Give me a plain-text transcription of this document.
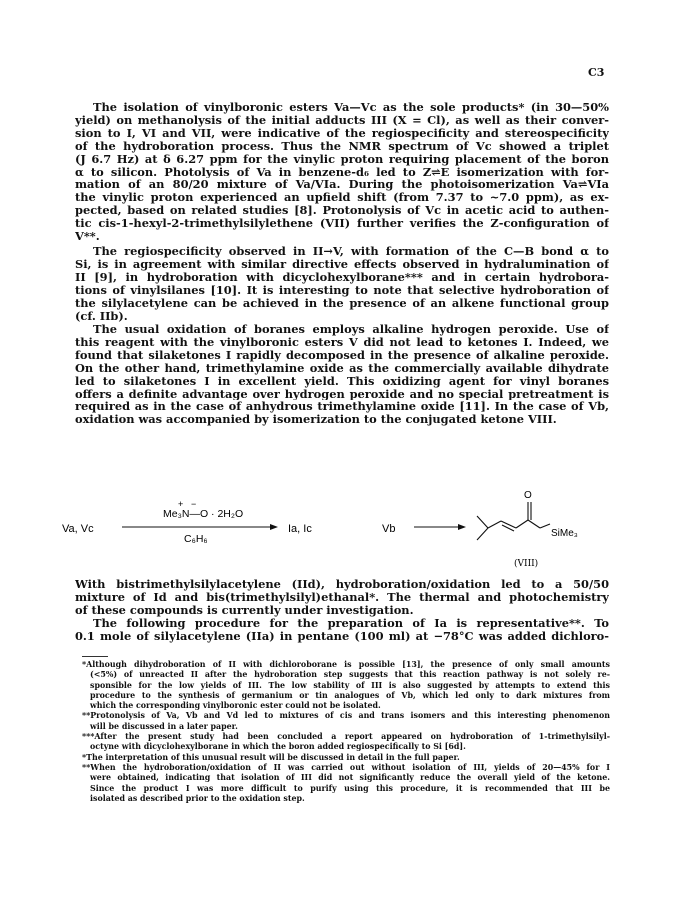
C3
The isolation of vinylboronic esters Va—Vc as the sole products* (in 30—50%
yield) on methanolysis of the initial adducts III (X = Cl), as well as their conver-
sion to I, VI and VII, were indicative of the regiospecificity and stereospecificity
of the hydroboration process. Thus the NMR spectrum of Vc showed a triplet
(J 6.7 Hz) at δ 6.27 ppm for the vinylic proton requiring placement of the boron
α to silicon. Photolysis of Va in benzene-d₆ led to Z⇌E isomerization with for-
mation of an 80/20 mixture of Va/VIa. During the photoisomerization Va⇌VIa
the vinylic proton experienced an upfield shift (from 7.37 to ~7.0 ppm), as ex-
pected, based on related studies [8]. Protonolysis of Vc in acetic acid to authen-
tic cis-1-hexyl-2-trimethylsilylethene (VII) further verifies the Z-configuration of
V**.
The regiospecificity observed in II→V, with formation of the C—B bond α to
Si, is in agreement with similar directive effects observed in hydralumination of
II [9], in hydroboration with dicyclohexylborane*** and in certain hydrobora-
tions of vinylsilanes [10]. It is interesting to note that selective hydroboration of
the silylacetylene can be achieved in the presence of an alkene functional group
(cf. IIb).
The usual oxidation of boranes employs alkaline hydrogen peroxide. Use of
this reagent with the vinylboronic esters V did not lead to ketones I. Indeed, we
found that silaketones I rapidly decomposed in the presence of alkaline peroxide.
On the other hand, trimethylamine oxide as the commercially available dihydrate
led to silaketones I in excellent yield. This oxidizing agent for vinyl boranes
offers a definite advantage over hydrogen peroxide and no special pretreatment is
required as in the case of anhydrous trimethylamine oxide [11]. In the case of Vb,
oxidation was accompanied by isomerization to the conjugated ketone VIII.
Va, Vc
Me₃N—O · 2H₂O
+ −
C₆H₆
Ia, Ic	Vb
O
SiMe₃
(VIII)
With bistrimethylsilylacetylene (IId), hydroboration/oxidation led to a 50/50
mixture of Id and bis(trimethylsilyl)ethanal*. The thermal and photochemistry
of these compounds is currently under investigation.
The following procedure for the preparation of Ia is representative**. To
0.1 mole of silylacetylene (IIa) in pentane (100 ml) at −78°C was added dichloro-
*Although dihydroboration of II with dichloroborane is possible [13], the presence of only small amounts
(<5%) of unreacted II after the hydroboration step suggests that this reaction pathway is not solely re-
sponsible for the low yields of III. The low stability of III is also suggested by attempts to extend this
procedure to the synthesis of germanium or tin analogues of Vb, which led only to dark mixtures from
which the corresponding vinylboronic ester could not be isolated.
**Protonolysis of Va, Vb and Vd led to mixtures of cis and trans isomers and this interesting phenomenon
will be discussed in a later paper.
***After the present study had been concluded a report appeared on hydroboration of 1-trimethylsilyl-
octyne with dicyclohexylborane in which the boron added regiospecifically to Si [6d].
*The interpretation of this unusual result will be discussed in detail in the full paper.
**When the hydroboration/oxidation of II was carried out without isolation of III, yields of 20—45% for I
were obtained, indicating that isolation of III did not significantly reduce the overall yield of the ketone.
Since the product I was more difficult to purify using this procedure, it is recommended that III be
isolated as described prior to the oxidation step.
